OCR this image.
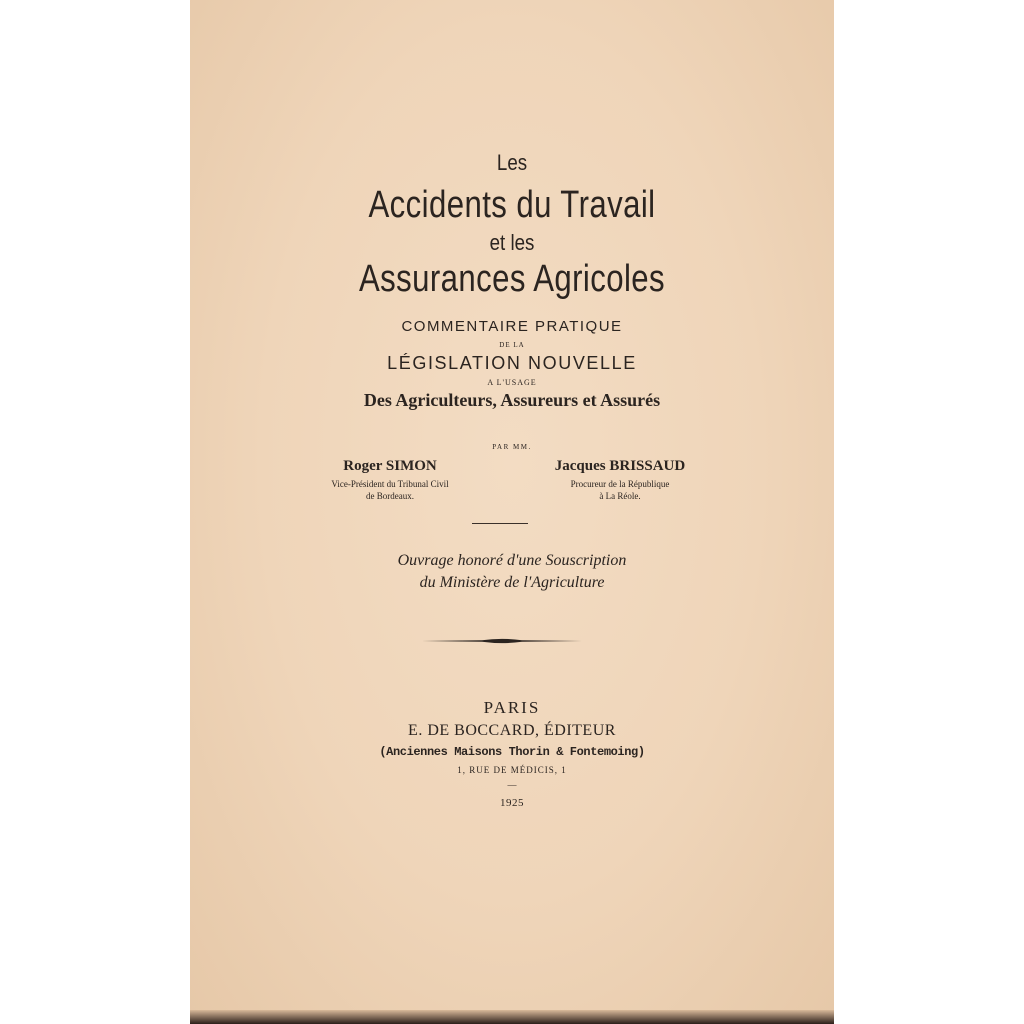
Les
Accidents du Travail
et les
Assurances Agricoles
COMMENTAIRE PRATIQUE
DE LA
LÉGISLATION NOUVELLE
A L'USAGE
Des Agriculteurs, Assureurs et Assurés
PAR MM.
Roger SIMON
Vice-Président du Tribunal Civil
de Bordeaux.
Jacques BRISSAUD
Procureur de la République
à La Réole.
Ouvrage honoré d'une Souscription
du Ministère de l'Agriculture
PARIS
E. DE BOCCARD, ÉDITEUR
(Anciennes Maisons Thorin & Fontemoing)
1, RUE DE MÉDICIS, 1
—
1925
